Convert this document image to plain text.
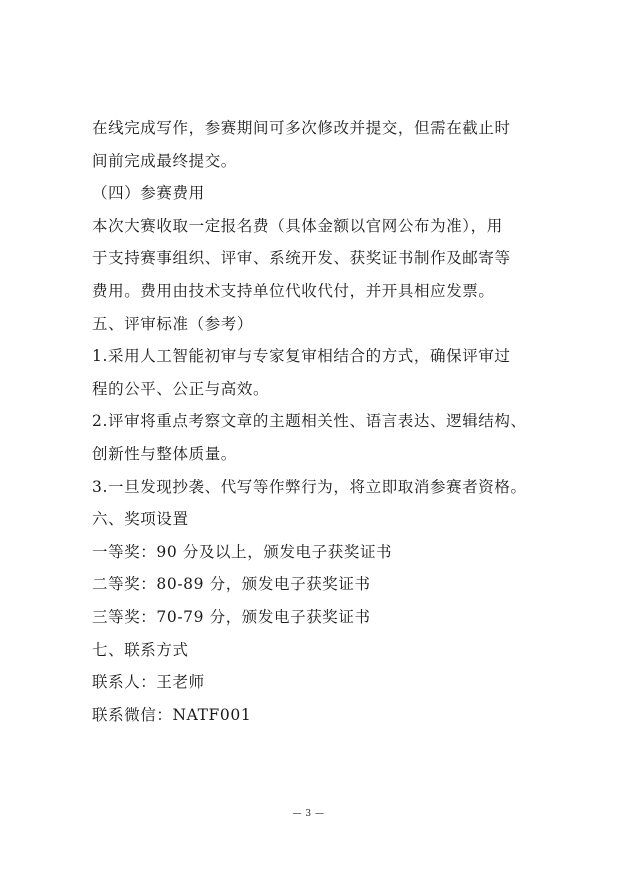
在线完成写作，参赛期间可多次修改并提交，但需在截止时
间前完成最终提交。
（四）参赛费用
本次大赛收取一定报名费（具体金额以官网公布为准），用
于支持赛事组织、评审、系统开发、获奖证书制作及邮寄等
费用。费用由技术支持单位代收代付，并开具相应发票。
五、评审标准（参考）
1.采用人工智能初审与专家复审相结合的方式，确保评审过
程的公平、公正与高效。
2.评审将重点考察文章的主题相关性、语言表达、逻辑结构、
创新性与整体质量。
3.一旦发现抄袭、代写等作弊行为，将立即取消参赛者资格。
六、奖项设置
一等奖：90 分及以上，颁发电子获奖证书
二等奖：80-89 分，颁发电子获奖证书
三等奖：70-79 分，颁发电子获奖证书
七、联系方式
联系人：王老师
联系微信：NATF001
— 3 —
